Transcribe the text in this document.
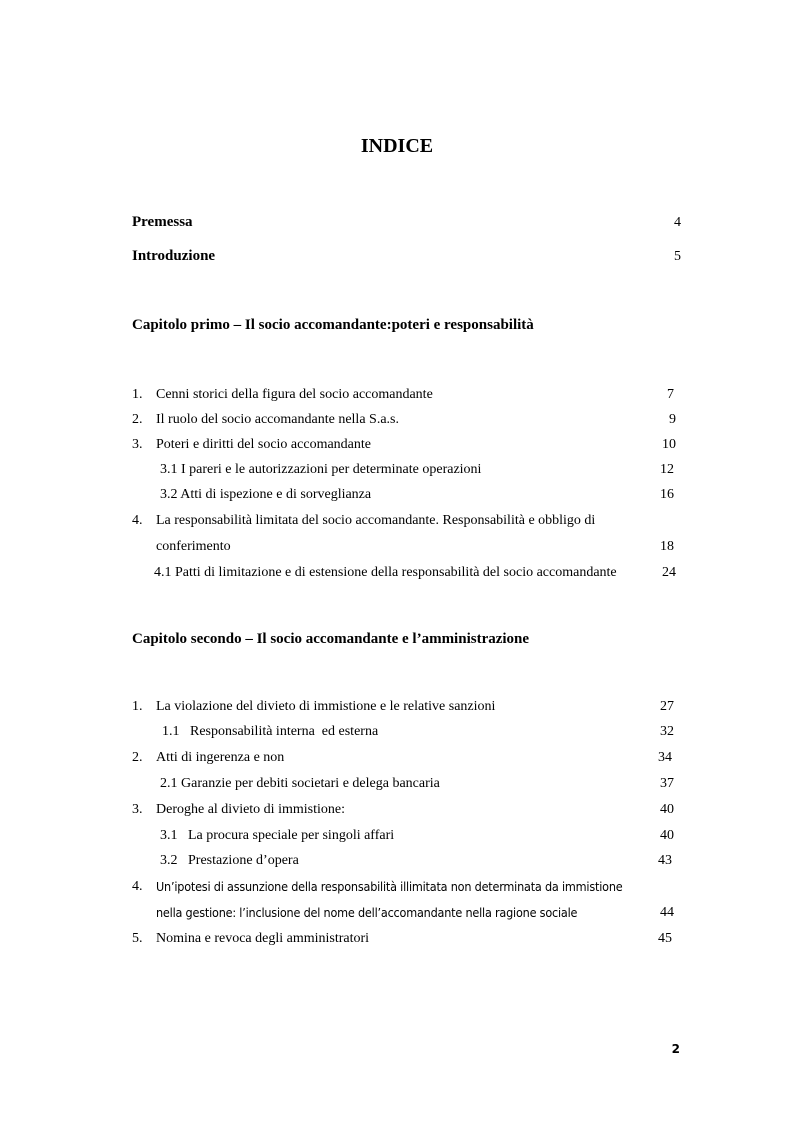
INDICE
Premessa	4
Introduzione	5
Capitolo primo – Il socio accomandante:poteri e responsabilità
1. Cenni storici della figura del socio accomandante	7
2. Il ruolo del socio accomandante nella S.a.s.	9
3. Poteri e diritti del socio accomandante	10
3.1 I pareri e le autorizzazioni per determinate operazioni	12
3.2 Atti di ispezione e di sorveglianza	16
4. La responsabilità limitata del socio accomandante. Responsabilità e obbligo di
conferimento	18
4.1 Patti di limitazione e di estensione della responsabilità del socio accomandante	24
Capitolo secondo – Il socio accomandante e l’amministrazione
1. La violazione del divieto di immistione e le relative sanzioni	27
1.1   Responsabilità interna  ed esterna	32
2. Atti di ingerenza e non	34
2.1 Garanzie per debiti societari e delega bancaria	37
3. Deroghe al divieto di immistione:	40
3.1   La procura speciale per singoli affari	40
3.2   Prestazione d’opera	43
4. Un’ipotesi di assunzione della responsabilità illimitata non determinata da immistione
nella gestione: l’inclusione del nome dell’accomandante nella ragione sociale	44
5. Nomina e revoca degli amministratori	45
2
